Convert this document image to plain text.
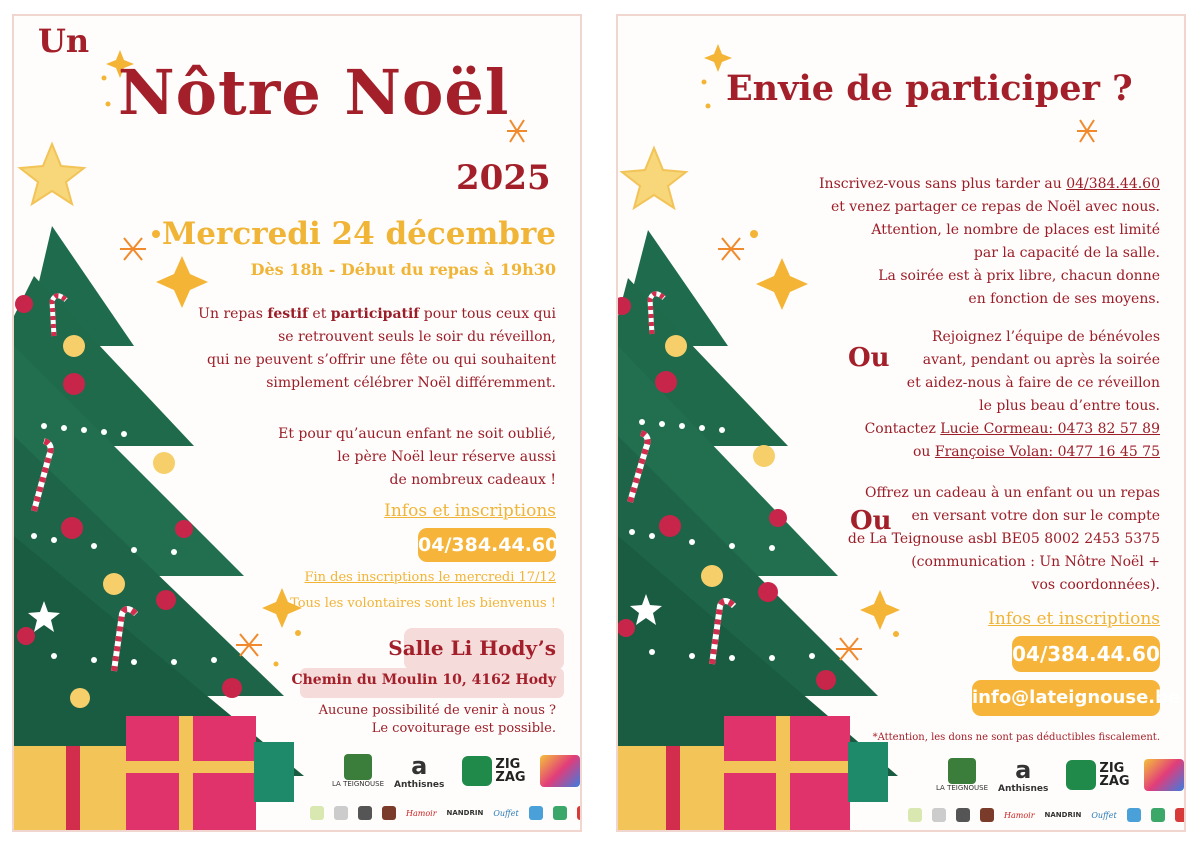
Un
Nôtre Noël
2025
Mercredi 24 décembre
Dès 18h - Début du repas à 19h30
Un repas festif et participatif pour tous ceux qui
se retrouvent seuls le soir du réveillon,
qui ne peuvent s’offrir une fête ou qui souhaitent
simplement célébrer Noël différemment.
Et pour qu’aucun enfant ne soit oublié,
le père Noël leur réserve aussi
de nombreux cadeaux !
Infos et inscriptions
04/384.44.60
Fin des inscriptions le mercredi 17/12
Tous les volontaires sont les bienvenus !
Salle Li Hody’s
Chemin du Moulin 10, 4162 Hody
Aucune possibilité de venir à nous ?
Le covoiturage est possible.
LA TEIGNOUSE
a
Anthisnes
ZIG
ZAG
Hamoir NANDRIN Ouffet
Envie de participer ?
Inscrivez-vous sans plus tarder au 04/384.44.60
et venez partager ce repas de Noël avec nous.
Attention, le nombre de places est limité
par la capacité de la salle.
La soirée est à prix libre, chacun donne
en fonction de ses moyens.
Ou
Rejoignez l’équipe de bénévoles
avant, pendant ou après la soirée
et aidez-nous à faire de ce réveillon
le plus beau d’entre tous.
Contactez Lucie Cormeau: 0473 82 57 89
ou Françoise Volan: 0477 16 45 75
Ou
Offrez un cadeau à un enfant ou un repas
en versant votre don sur le compte
de La Teignouse asbl BE05 8002 2453 5375
(communication : Un Nôtre Noël +
vos coordonnées).
Infos et inscriptions
04/384.44.60
info@lateignouse.be
*Attention, les dons ne sont pas déductibles fiscalement.
LA TEIGNOUSE
a
Anthisnes
ZIG
ZAG
Hamoir NANDRIN Ouffet
